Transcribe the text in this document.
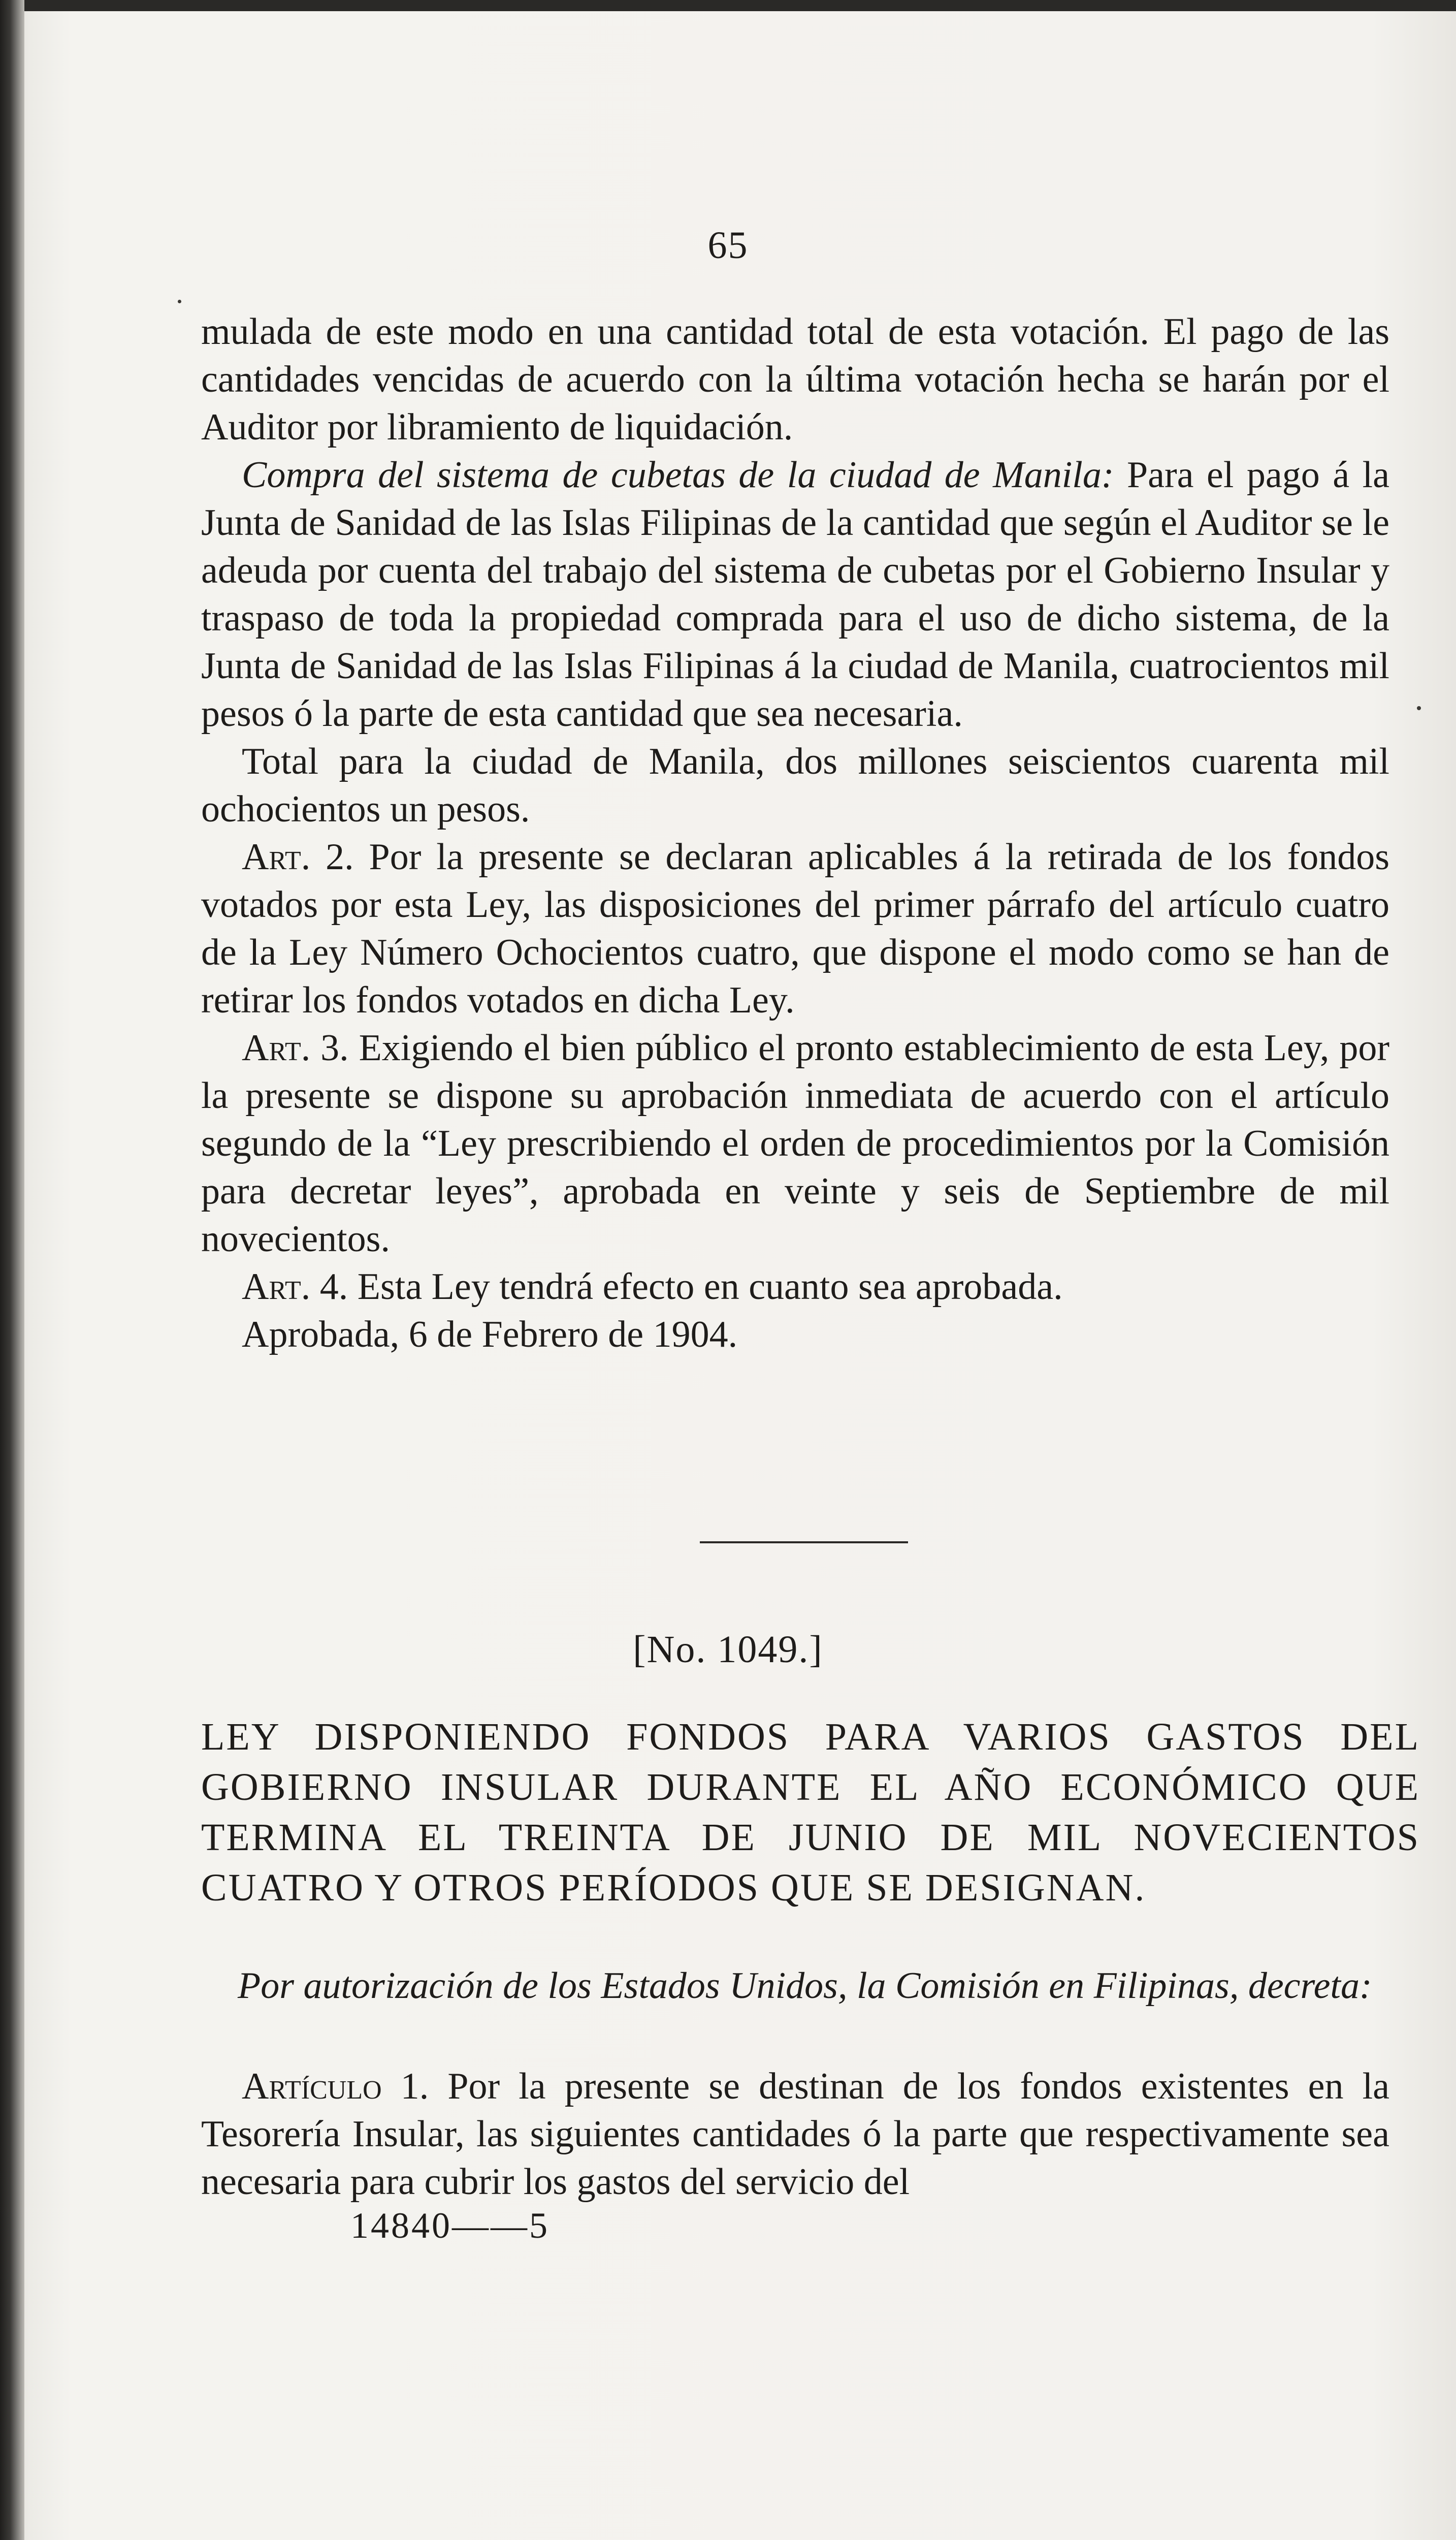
65

mulada de este modo en una cantidad total de esta votación. El pago de las cantidades vencidas de acuerdo con la última votación hecha se harán por el Auditor por libramiento de liquidación.

Compra del sistema de cubetas de la ciudad de Manila: Para el pago á la Junta de Sanidad de las Islas Filipinas de la cantidad que según el Auditor se le adeuda por cuenta del trabajo del sistema de cubetas por el Gobierno Insular y traspaso de toda la propiedad comprada para el uso de dicho sistema, de la Junta de Sanidad de las Islas Filipinas á la ciudad de Manila, cuatrocientos mil pesos ó la parte de esta cantidad que sea necesaria.

Total para la ciudad de Manila, dos millones seiscientos cuarenta mil ochocientos un pesos.

Art. 2. Por la presente se declaran aplicables á la retirada de los fondos votados por esta Ley, las disposiciones del primer párrafo del artículo cuatro de la Ley Número Ochocientos cuatro, que dispone el modo como se han de retirar los fondos votados en dicha Ley.

Art. 3. Exigiendo el bien público el pronto establecimiento de esta Ley, por la presente se dispone su aprobación inmediata de acuerdo con el artículo segundo de la “Ley prescribiendo el orden de procedimientos por la Comisión para decretar leyes”, aprobada en veinte y seis de Septiembre de mil novecientos.

Art. 4. Esta Ley tendrá efecto en cuanto sea aprobada.

Aprobada, 6 de Febrero de 1904.

[No. 1049.]
LEY DISPONIENDO FONDOS PARA VARIOS GASTOS DEL GOBIERNO INSULAR DURANTE EL AÑO ECONÓMICO QUE TERMINA EL TREINTA DE JUNIO DE MIL NOVECIENTOS CUATRO Y OTROS PERÍODOS QUE SE DESIGNAN.
Por autorización de los Estados Unidos, la Comisión en Filipinas, decreta:
Artículo 1. Por la presente se destinan de los fondos existentes en la Tesorería Insular, las siguientes cantidades ó la parte que respectivamente sea necesaria para cubrir los gastos del servicio del
14840——5
